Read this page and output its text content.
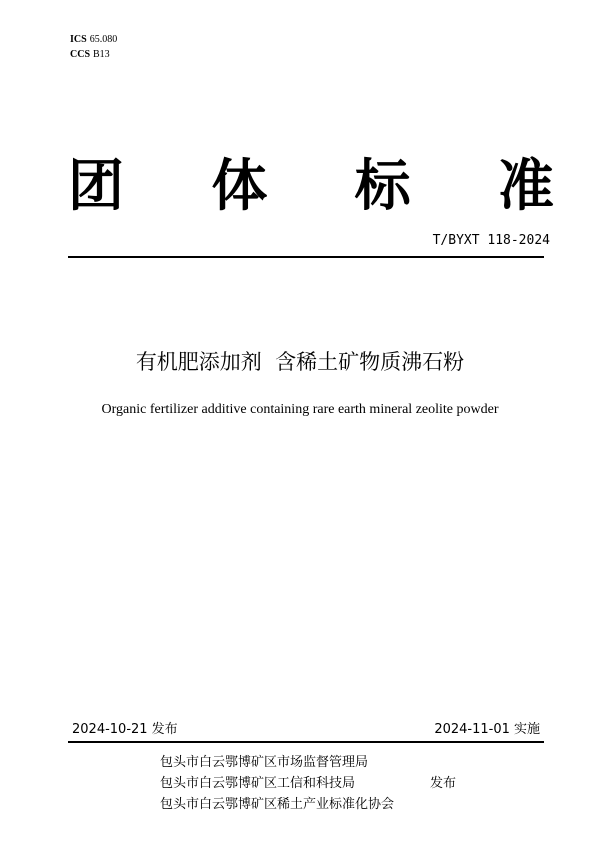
ICS 65.080
CCS B13
团 体 标 准
T/BYXT 118-2024
有机肥添加剂  含稀土矿物质沸石粉
Organic fertilizer additive containing rare earth mineral zeolite powder
2024-10-21 发布	2024-11-01 实施
包头市白云鄂博矿区市场监督管理局
包头市白云鄂博矿区工信和科技局
包头市白云鄂博矿区稀土产业标准化协会
发布
